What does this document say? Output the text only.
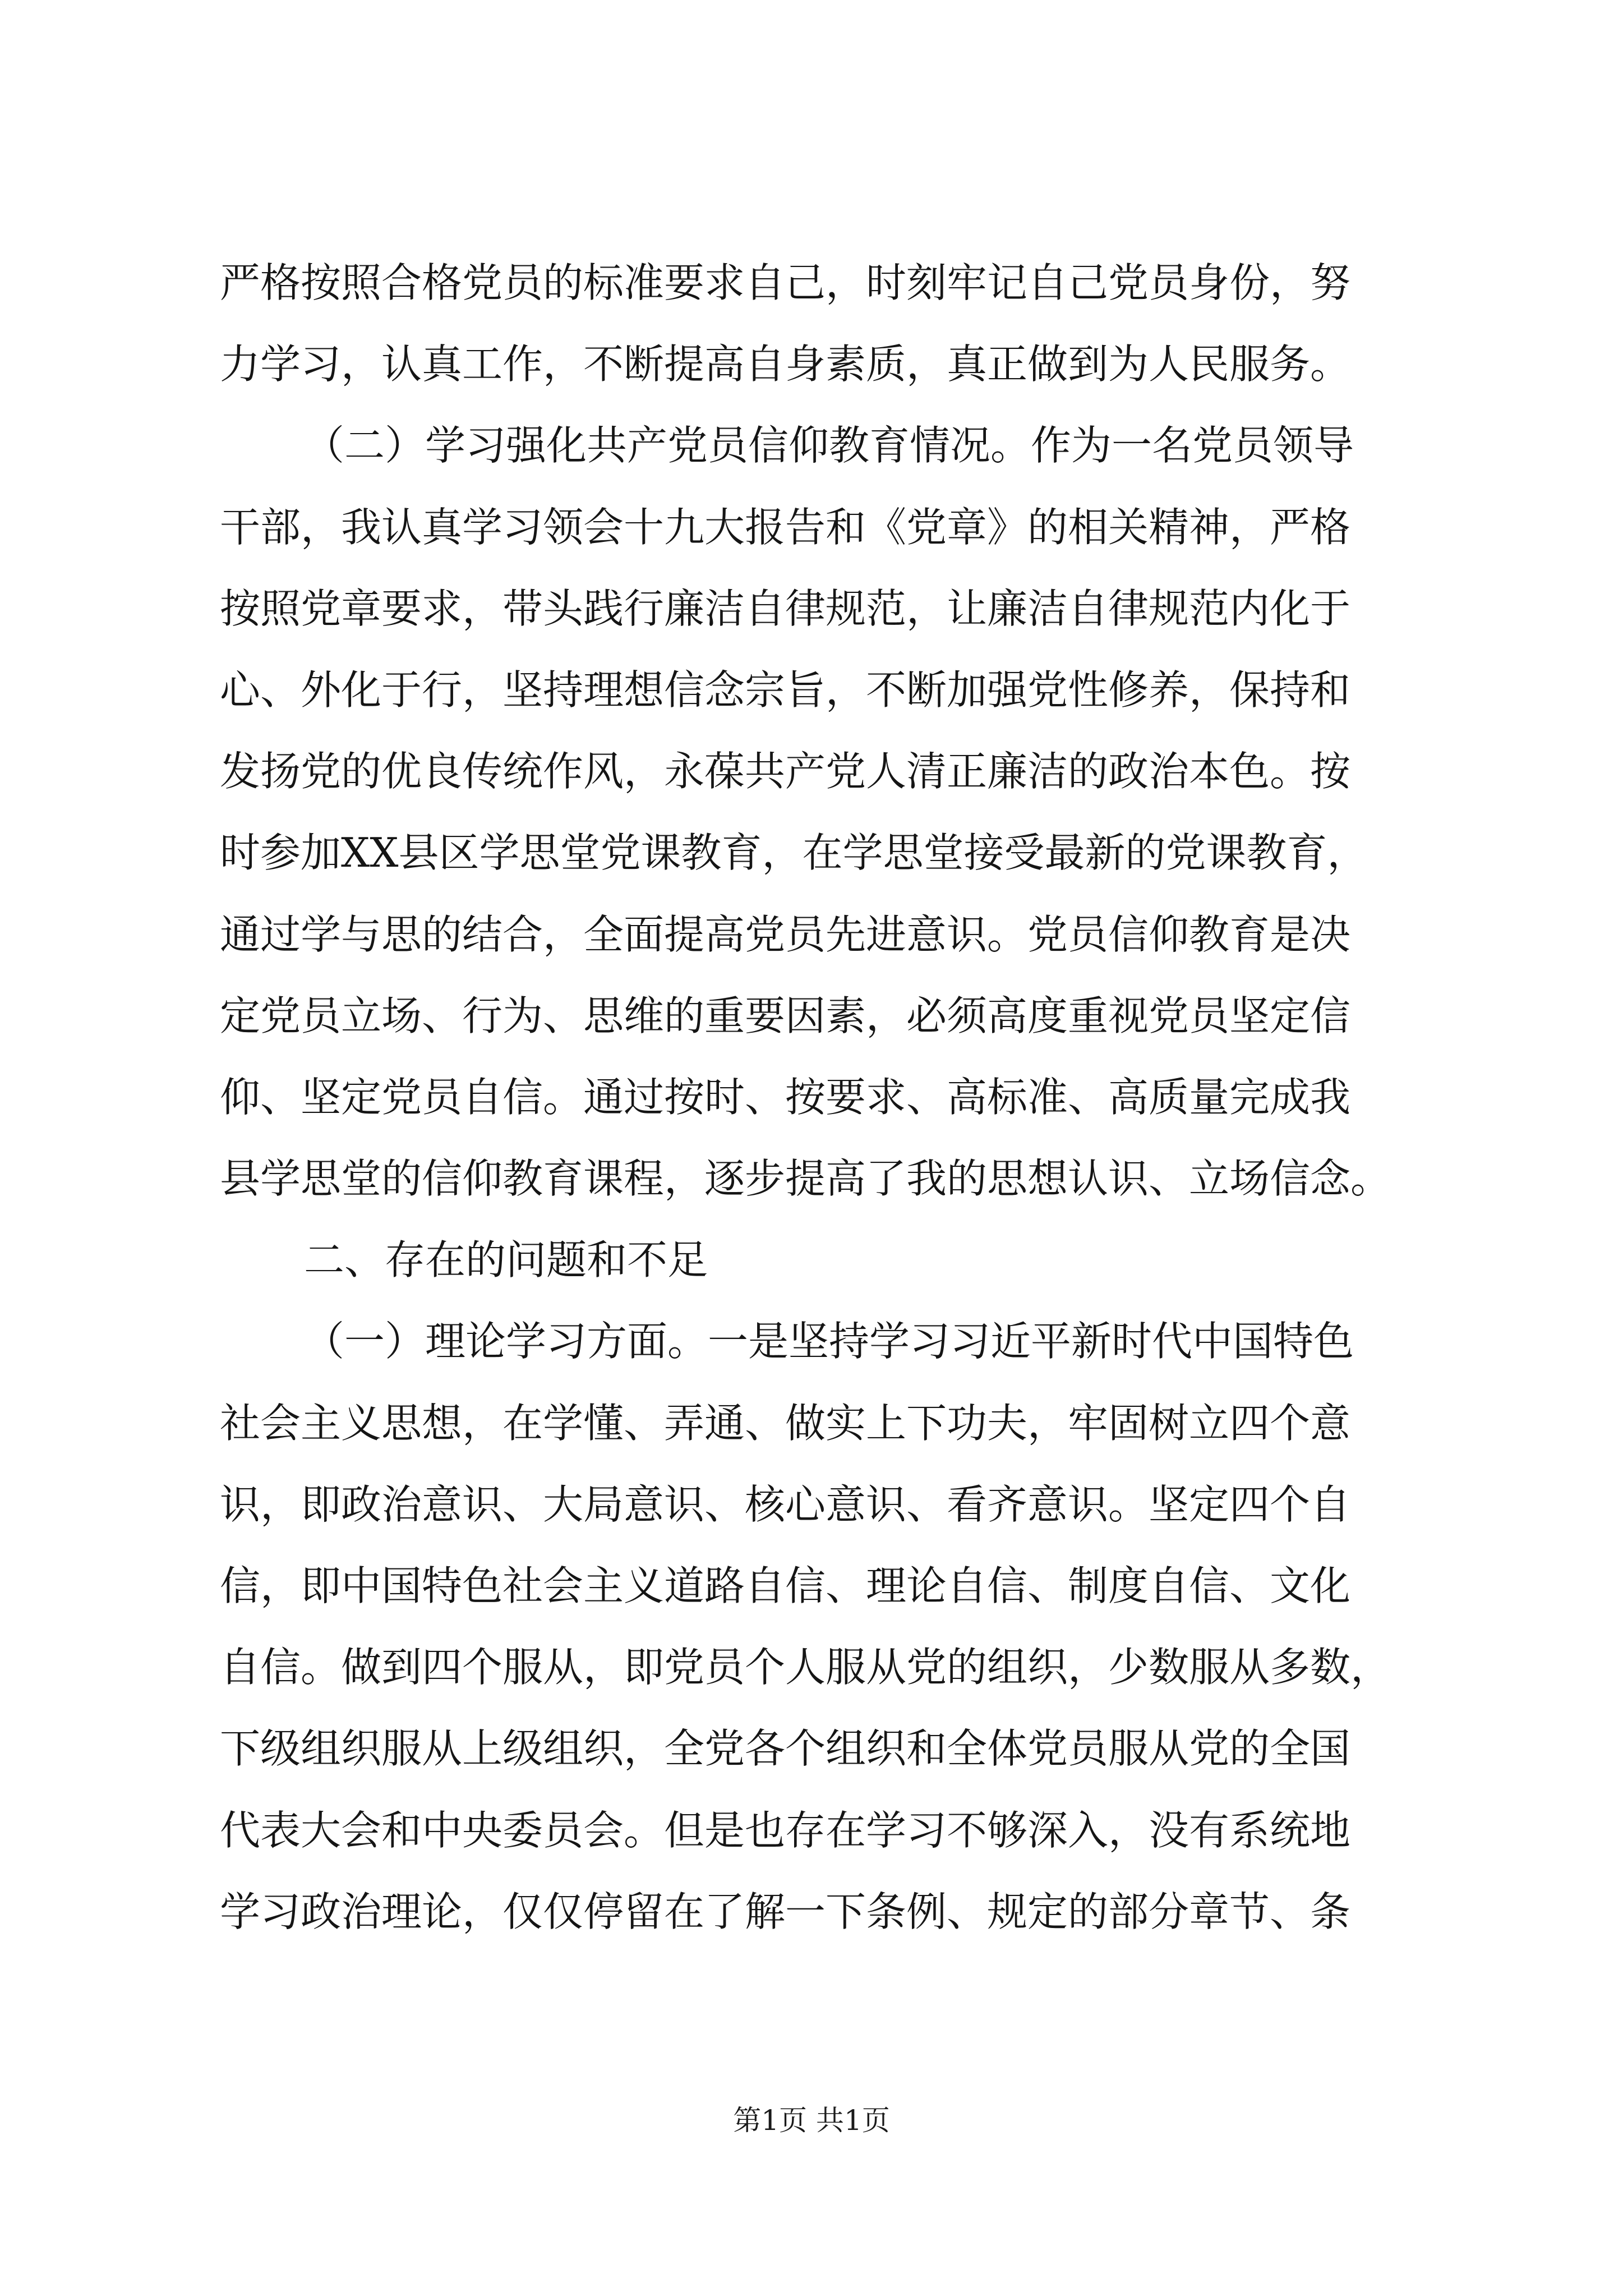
严格按照合格党员的标准要求自己，时刻牢记自己党员身份，努
力学习，认真工作，不断提高自身素质，真正做到为人民服务。
（二）学习强化共产党员信仰教育情况。作为一名党员领导
干部，我认真学习领会十九大报告和《党章》的相关精神，严格
按照党章要求，带头践行廉洁自律规范，让廉洁自律规范内化于
心、外化于行，坚持理想信念宗旨，不断加强党性修养，保持和
发扬党的优良传统作风，永葆共产党人清正廉洁的政治本色。按
时参加XX县区学思堂党课教育，在学思堂接受最新的党课教育，
通过学与思的结合，全面提高党员先进意识。党员信仰教育是决
定党员立场、行为、思维的重要因素，必须高度重视党员坚定信
仰、坚定党员自信。通过按时、按要求、高标准、高质量完成我
县学思堂的信仰教育课程，逐步提高了我的思想认识、立场信念。
二、存在的问题和不足
（一）理论学习方面。一是坚持学习习近平新时代中国特色
社会主义思想，在学懂、弄通、做实上下功夫，牢固树立四个意
识，即政治意识、大局意识、核心意识、看齐意识。坚定四个自
信，即中国特色社会主义道路自信、理论自信、制度自信、文化
自信。做到四个服从，即党员个人服从党的组织，少数服从多数，
下级组织服从上级组织，全党各个组织和全体党员服从党的全国
代表大会和中央委员会。但是也存在学习不够深入，没有系统地
学习政治理论，仅仅停留在了解一下条例、规定的部分章节、条
第1页 共1页
